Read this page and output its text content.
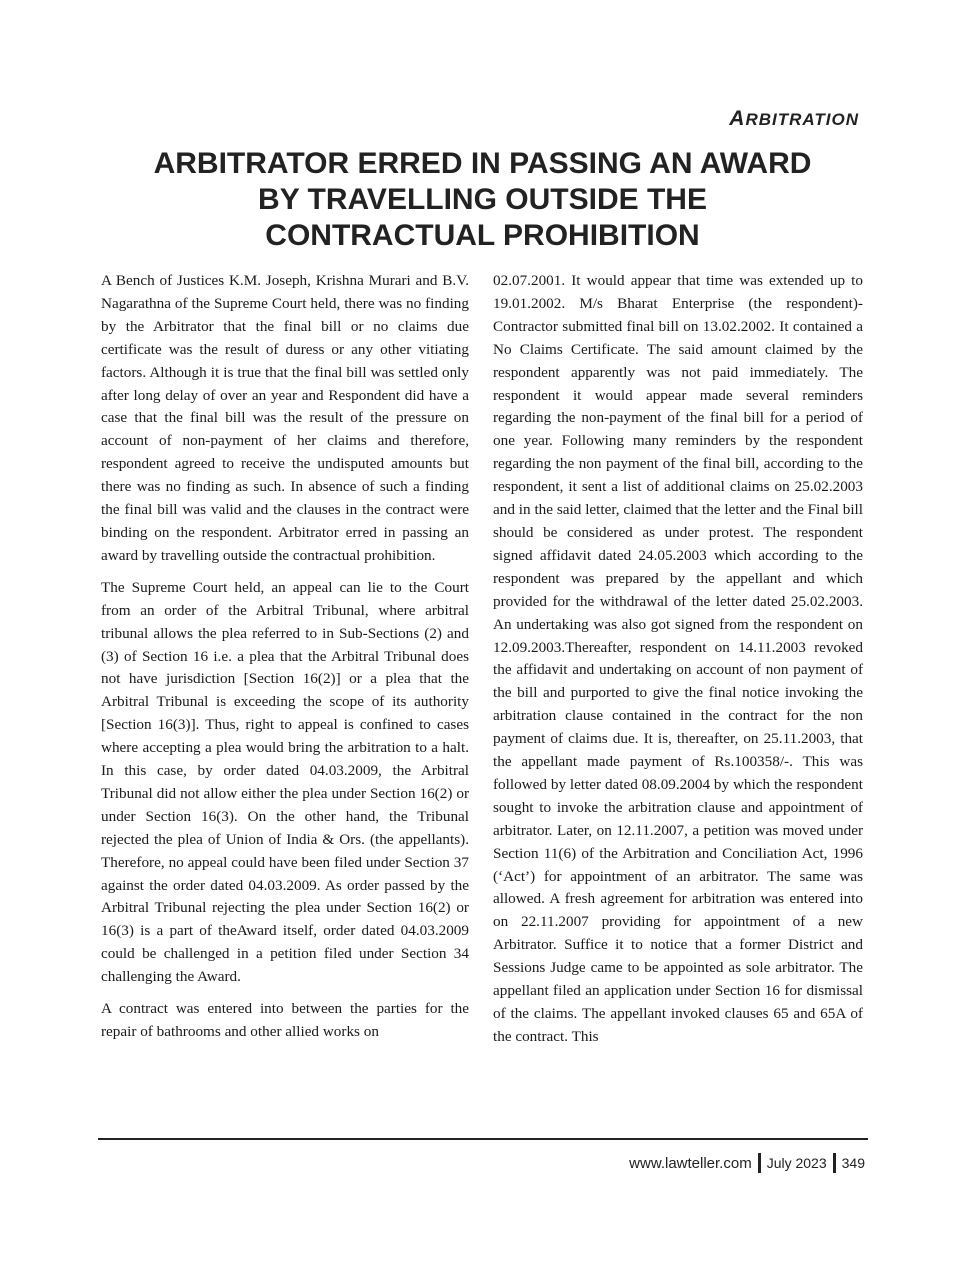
ARBITRATION
ARBITRATOR ERRED IN PASSING AN AWARD
BY TRAVELLING OUTSIDE THE
CONTRACTUAL PROHIBITION

A Bench of Justices K.M. Joseph, Krishna Murari and B.V. Nagarathna of the Supreme Court held, there was no finding by the Arbitrator that the final bill or no claims due certificate was the result of duress or any other vitiating factors. Although it is true that the final bill was settled only after long delay of over an year and Respondent did have a case that the final bill was the result of the pressure on account of non-payment of her claims and therefore, respondent agreed to receive the undisputed amounts but there was no finding as such. In absence of such a finding the final bill was valid and the clauses in the contract were binding on the respondent. Arbitrator erred in passing an award by travelling outside the contractual prohibition.

The Supreme Court held, an appeal can lie to the Court from an order of the Arbitral Tribunal, where arbitral tribunal allows the plea referred to in Sub-Sections (2) and (3) of Section 16 i.e. a plea that the Arbitral Tribunal does not have jurisdiction [Section 16(2)] or a plea that the Arbitral Tribunal is exceeding the scope of its authority [Section 16(3)]. Thus, right to appeal is confined to cases where accepting a plea would bring the arbitration to a halt. In this case, by order dated 04.03.2009, the Arbitral Tribunal did not allow either the plea under Section 16(2) or under Section 16(3). On the other hand, the Tribunal rejected the plea of Union of India & Ors. (the appellants). Therefore, no appeal could have been filed under Section 37 against the order dated 04.03.2009. As order passed by the Arbitral Tribunal rejecting the plea under Section 16(2) or 16(3) is a part of theAward itself, order dated 04.03.2009 could be challenged in a petition filed under Section 34 challenging the Award.

A contract was entered into between the parties for the repair of bathrooms and other allied works on

02.07.2001. It would appear that time was extended up to 19.01.2002. M/s Bharat Enterprise (the respondent)-Contractor submitted final bill on 13.02.2002. It contained a No Claims Certificate. The said amount claimed by the respondent apparently was not paid immediately. The respondent it would appear made several reminders regarding the non-payment of the final bill for a period of one year. Following many reminders by the respondent regarding the non payment of the final bill, according to the respondent, it sent a list of additional claims on 25.02.2003 and in the said letter, claimed that the letter and the Final bill should be considered as under protest. The respondent signed affidavit dated 24.05.2003 which according to the respondent was prepared by the appellant and which provided for the withdrawal of the letter dated 25.02.2003. An undertaking was also got signed from the respondent on 12.09.2003.Thereafter, respondent on 14.11.2003 revoked the affidavit and undertaking on account of non payment of the bill and purported to give the final notice invoking the arbitration clause contained in the contract for the non payment of claims due. It is, thereafter, on 25.11.2003, that the appellant made payment of Rs.100358/-. This was followed by letter dated 08.09.2004 by which the respondent sought to invoke the arbitration clause and appointment of arbitrator. Later, on 12.11.2007, a petition was moved under Section 11(6) of the Arbitration and Conciliation Act, 1996 (‘Act’) for appointment of an arbitrator. The same was allowed. A fresh agreement for arbitration was entered into on 22.11.2007 providing for appointment of a new Arbitrator. Suffice it to notice that a former District and Sessions Judge came to be appointed as sole arbitrator. The appellant filed an application under Section 16 for dismissal of the claims. The appellant invoked clauses 65 and 65A of the contract. This

www.lawteller.com July 2023 349
